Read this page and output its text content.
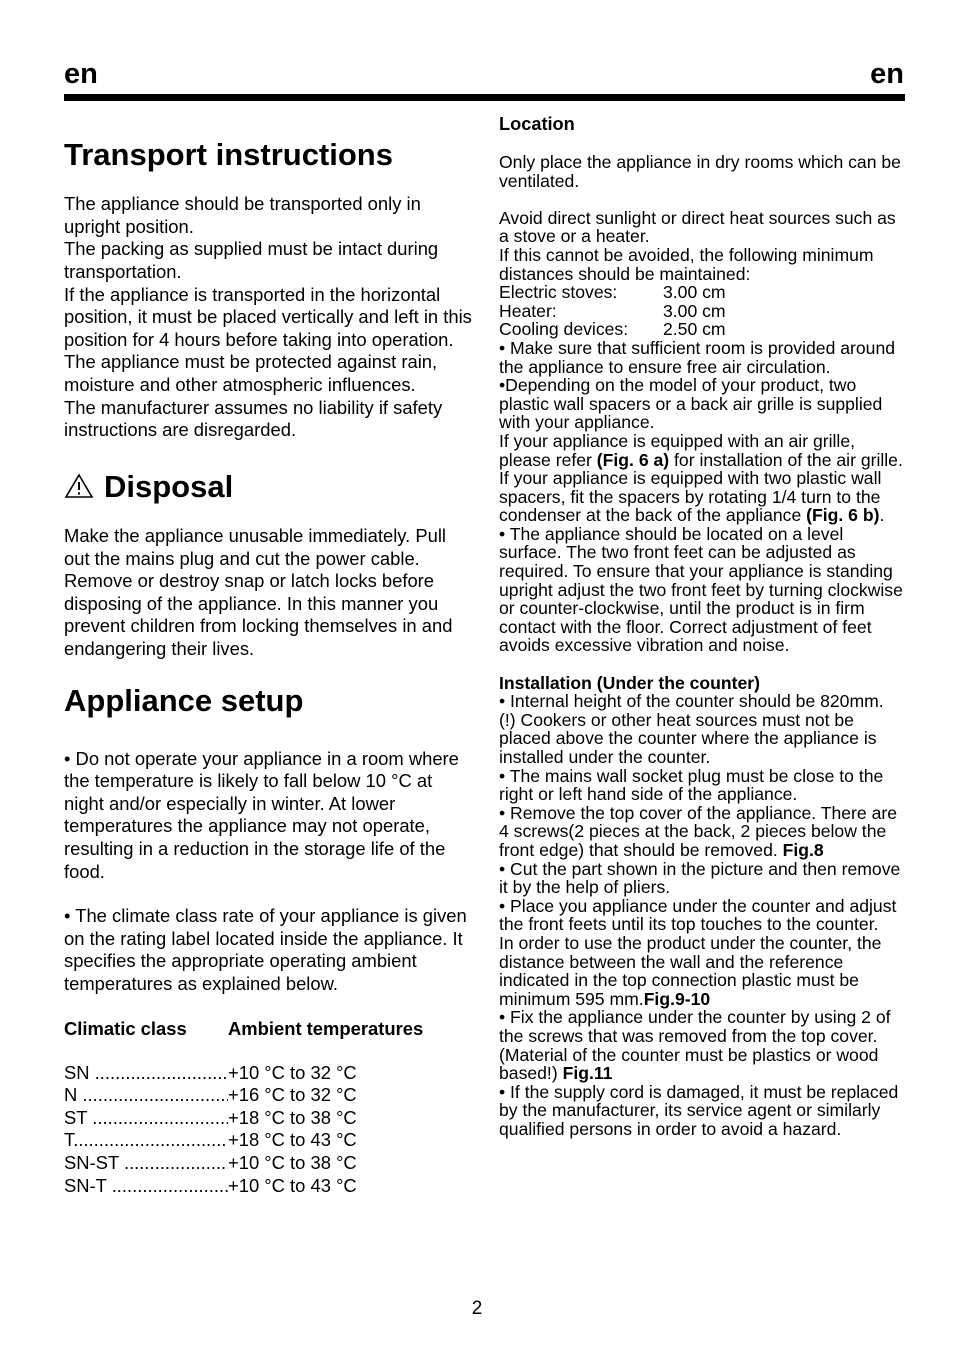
en	en
Transport instructions

The appliance should be transported only in upright position.

The packing as supplied must be intact during transportation.

If the appliance is transported in the horizontal position, it must be placed vertically and left in this position for 4 hours before taking into operation.

The appliance must be protected against rain, moisture and other atmospheric influences.

The manufacturer assumes no liability if safety instructions are disregarded.

Disposal

Make the appliance unusable immediately. Pull out the mains plug and cut the power cable. Remove or destroy snap or latch locks before disposing of the appliance. In this manner you prevent children from locking themselves in and endangering their lives.

Appliance setup

• Do not operate your appliance in a room where the temperature is likely to fall below 10 °C at night and/or especially in winter. At lower temperatures the appliance may not operate, resulting in a reduction in the storage life of the food.

• The climate class rate of your appliance is given on the rating label located inside the appliance. It specifies the appropriate operating ambient temperatures as explained below.

Climatic class	Ambient temperatures
SN .....	+10 °C to 32 °C
N .....	+16 °C to 32 °C
ST .....	+18 °C to 38 °C
T .....	+18 °C to 43 °C
SN-ST .....	+10 °C to 38 °C
SN-T .....	+10 °C to 43 °C

Location

Only place the appliance in dry rooms which can be ventilated.

Avoid direct sunlight or direct heat sources such as a stove or a heater.

If this cannot be avoided, the following minimum distances should be maintained:

Electric stoves:	3.00 cm
Heater:	3.00 cm
Cooling devices: 2.50 cm

• Make sure that sufficient room is provided around the appliance to ensure free air circulation.

•Depending on the model of your product, two plastic wall spacers or a back air grille is supplied with your appliance.

If your appliance is equipped with an air grille, please refer (Fig. 6 a) for installation of the air grille.

If your appliance is equipped with two plastic wall spacers, fit the spacers by rotating 1/4 turn to the condenser at the back of the appliance (Fig. 6 b).

• The appliance should be located on a level surface. The two front feet can be adjusted as required. To ensure that your appliance is standing upright adjust the two front feet by turning clockwise or counter-clockwise, until the product is in firm contact with the floor. Correct adjustment of feet avoids excessive vibration and noise.

Installation (Under the counter)

• Internal height of the counter should be 820mm.

(!) Cookers or other heat sources must not be placed above the counter where the appliance is installed under the counter.

• The mains wall socket plug must be close to the right or left hand side of the appliance.

• Remove the top cover of the appliance. There are 4 screws(2 pieces at the back, 2 pieces below the front edge) that should be removed. Fig.8

• Cut the part shown in the picture and then remove it by the help of pliers.

• Place you appliance under the counter and adjust the front feets until its top touches to the counter.

In order to use the product under the counter, the distance between the wall and the reference indicated in the top connection plastic must be minimum 595 mm.Fig.9-10

• Fix the appliance under the counter by using 2 of the screws that was removed from the top cover.(Material of the counter must be plastics or wood based!) Fig.11

• If the supply cord is damaged, it must be replaced by the manufacturer, its service agent or similarly qualified persons in order to avoid a hazard.

2
